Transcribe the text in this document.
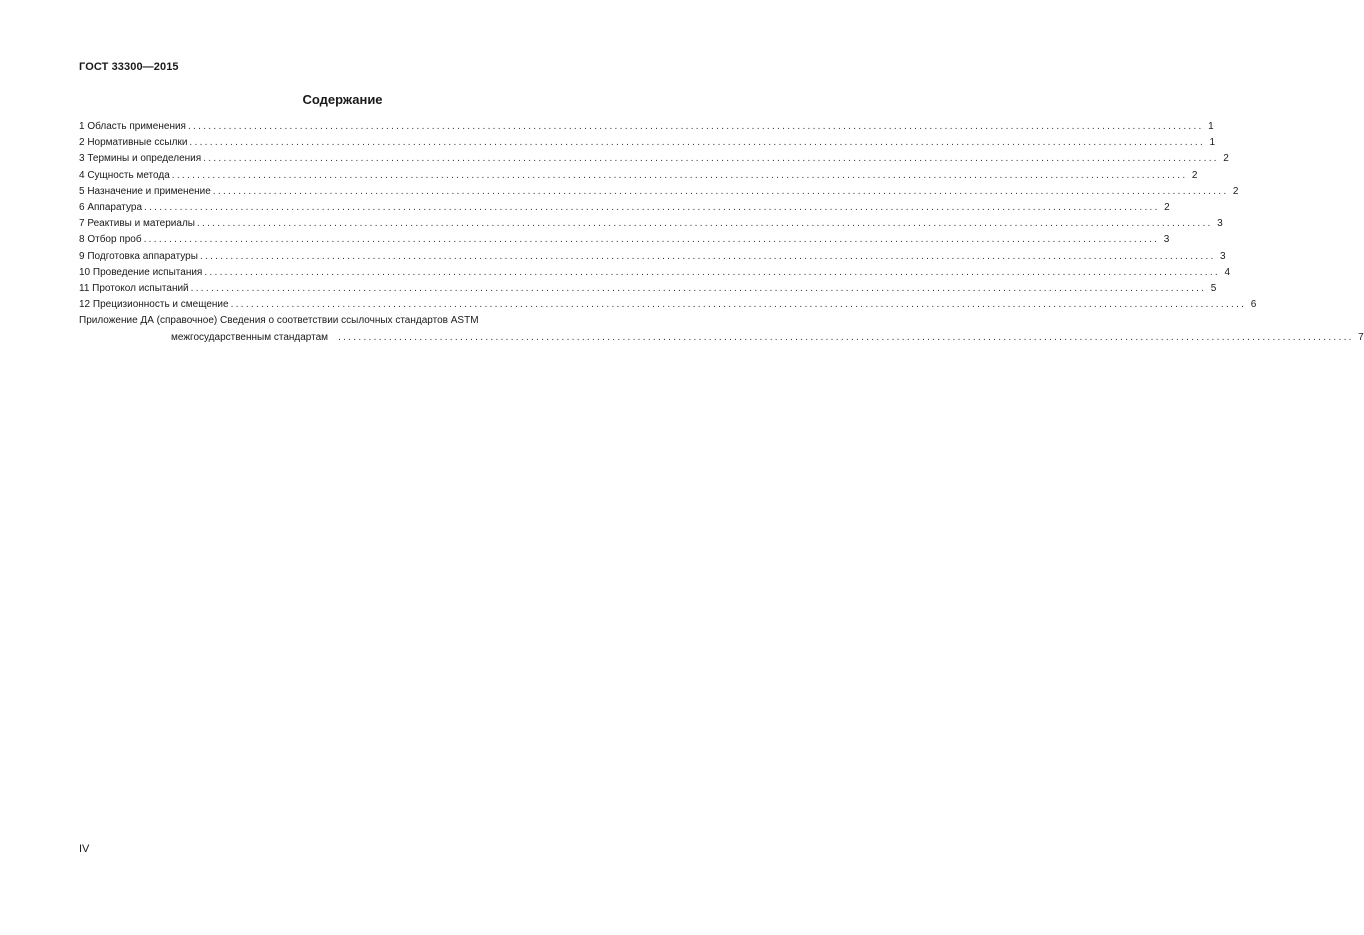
ГОСТ 33300—2015
Содержание
1 Область применения ........................................................................................................................................................................................................ 1
2 Нормативные ссылки ........................................................................................................................................................................................................ 1
3 Термины и определения ........................................................................................................................................................................................................ 2
4 Сущность метода ........................................................................................................................................................................................................ 2
5 Назначение и применение ........................................................................................................................................................................................................ 2
6 Аппаратура ........................................................................................................................................................................................................ 2
7 Реактивы и материалы ........................................................................................................................................................................................................ 3
8 Отбор проб ........................................................................................................................................................................................................ 3
9 Подготовка аппаратуры ........................................................................................................................................................................................................ 3
10 Проведение испытания ........................................................................................................................................................................................................ 4
11 Протокол испытаний ........................................................................................................................................................................................................ 5
12 Прецизионность и смещение ........................................................................................................................................................................................................ 6
Приложение ДА (справочное) Сведения о соответствии ссылочных стандартов ASTM
межгосударственным стандартам ........................................................................................................................................................................................................ 7
IV
